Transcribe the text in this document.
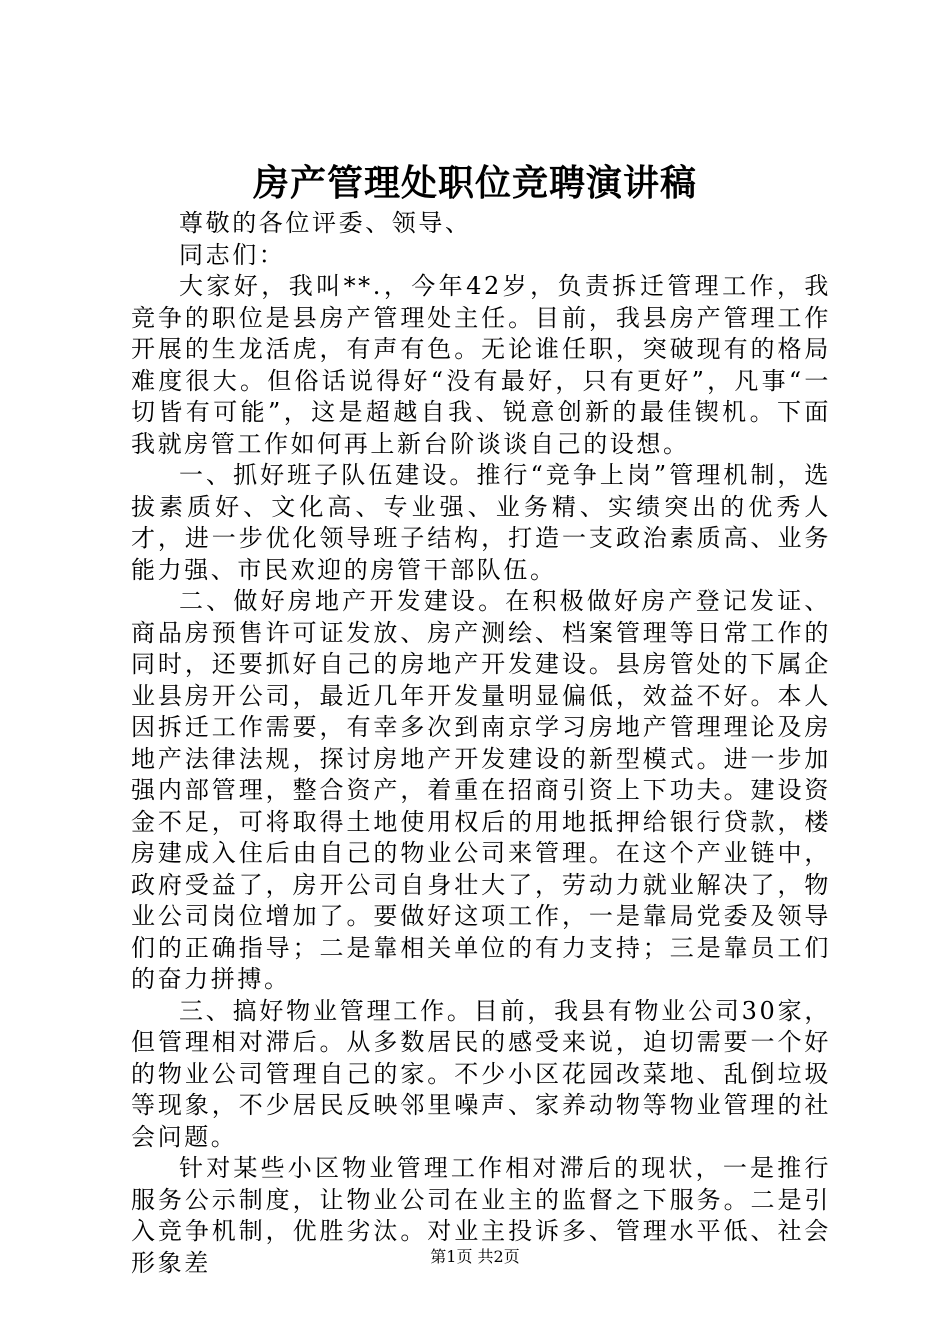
房产管理处职位竞聘演讲稿

尊敬的各位评委、领导、

同志们：

大家好，我叫**.，今年42岁，负责拆迁管理工作，我竞争的职位是县房产管理处主任。目前，我县房产管理工作开展的生龙活虎，有声有色。无论谁任职，突破现有的格局难度很大。但俗话说得好“没有最好，只有更好”，凡事“一切皆有可能”，这是超越自我、锐意创新的最佳锲机。下面我就房管工作如何再上新台阶谈谈自己的设想。

一、抓好班子队伍建设。推行“竞争上岗”管理机制，选拔素质好、文化高、专业强、业务精、实绩突出的优秀人才，进一步优化领导班子结构，打造一支政治素质高、业务能力强、市民欢迎的房管干部队伍。

二、做好房地产开发建设。在积极做好房产登记发证、商品房预售许可证发放、房产测绘、档案管理等日常工作的同时，还要抓好自己的房地产开发建设。县房管处的下属企业县房开公司，最近几年开发量明显偏低，效益不好。本人因拆迁工作需要，有幸多次到南京学习房地产管理理论及房地产法律法规，探讨房地产开发建设的新型模式。进一步加强内部管理，整合资产，着重在招商引资上下功夫。建设资金不足，可将取得土地使用权后的用地抵押给银行贷款，楼房建成入住后由自己的物业公司来管理。在这个产业链中，政府受益了，房开公司自身壮大了，劳动力就业解决了，物业公司岗位增加了。要做好这项工作，一是靠局党委及领导们的正确指导；二是靠相关单位的有力支持；三是靠员工们的奋力拼搏。

三、搞好物业管理工作。目前，我县有物业公司30家，但管理相对滞后。从多数居民的感受来说，迫切需要一个好的物业公司管理自己的家。不少小区花园改菜地、乱倒垃圾等现象，不少居民反映邻里噪声、家养动物等物业管理的社会问题。

针对某些小区物业管理工作相对滞后的现状，一是推行服务公示制度，让物业公司在业主的监督之下服务。二是引入竞争机制，优胜劣汰。对业主投诉多、管理水平低、社会形象差	第1页 共2页
